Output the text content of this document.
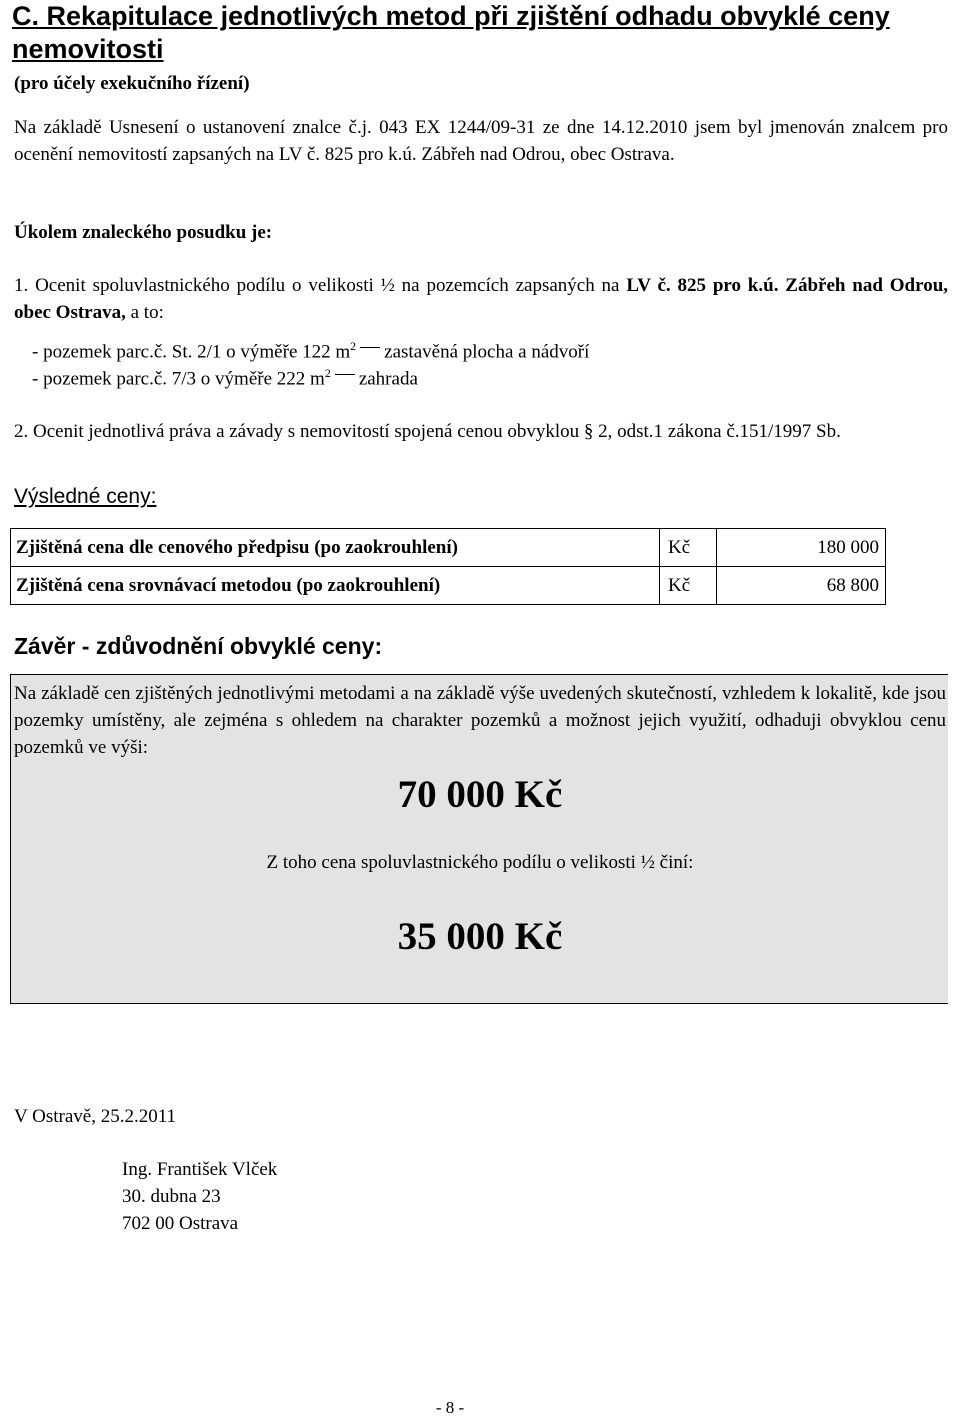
C. Rekapitulace jednotlivých metod při zjištění odhadu obvyklé ceny nemovitosti
(pro účely exekučního řízení)
Na základě Usnesení o ustanovení znalce č.j. 043 EX 1244/09-31 ze dne 14.12.2010 jsem byl jmenován znalcem pro ocenění nemovitostí zapsaných na LV č. 825 pro k.ú. Zábřeh nad Odrou, obec Ostrava.
Úkolem znaleckého posudku je:
1. Ocenit spoluvlastnického podílu o velikosti ½ na pozemcích zapsaných na LV č. 825 pro k.ú. Zábřeh nad Odrou, obec Ostrava, a to:
- pozemek parc.č. St. 2/1 o výměře 122 $m^2$ zastavěná plocha a nádvoří
- pozemek parc.č. 7/3 o výměře 222 $m^2$ zahrada
2. Ocenit jednotlivá práva a závady s nemovitostí spojená cenou obvyklou § 2, odst.1 zákona č.151/1997 Sb.
Výsledné ceny:
Zjištěná cena dle cenového předpisu (po zaokrouhlení)	Kč	180 000
Zjištěná cena srovnávací metodou (po zaokrouhlení)	Kč	68 800
Závěr - zdůvodnění obvyklé ceny:
Na základě cen zjištěných jednotlivými metodami a na základě výše uvedených skutečností, vzhledem k lokalitě, kde jsou pozemky umístěny, ale zejména s ohledem na charakter pozemků a možnost jejich využití, odhaduji obvyklou cenu pozemků ve výši:
70 000 Kč
Z toho cena spoluvlastnického podílu o velikosti ½ činí:
35 000 Kč
V Ostravě, 25.2.2011
Ing. František Vlček
30. dubna 23
702 00 Ostrava
- 8 -
